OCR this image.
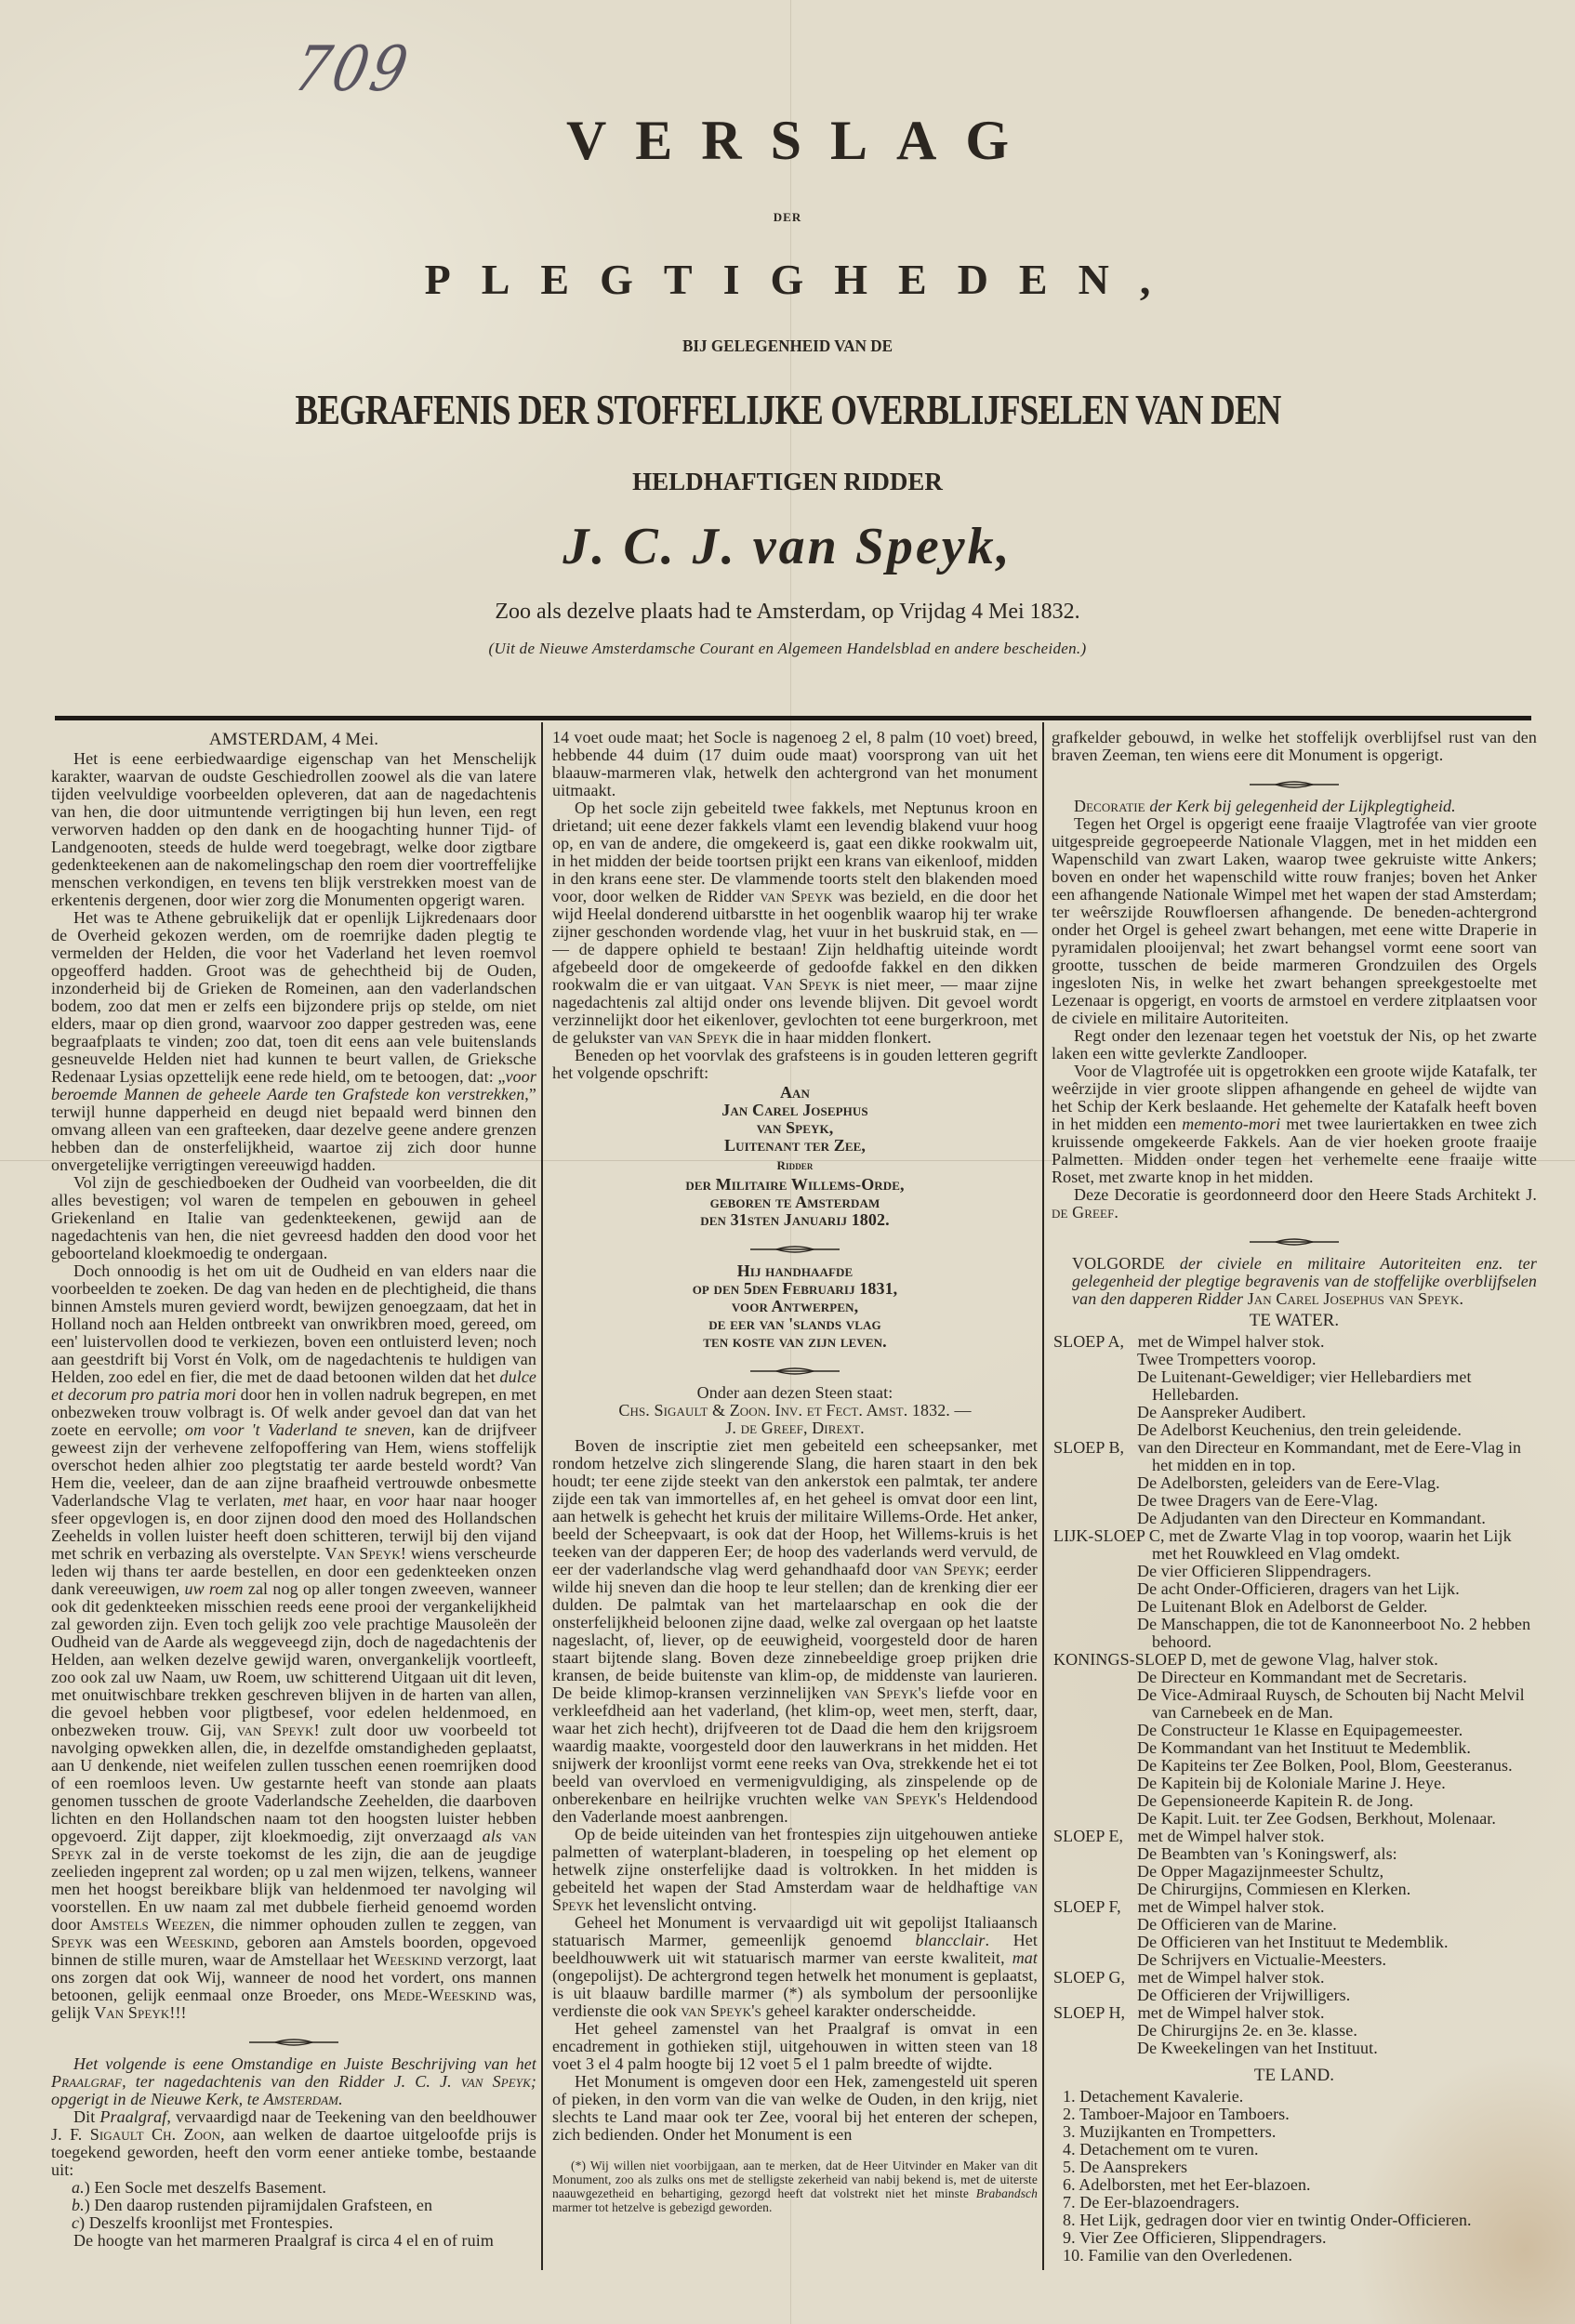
709
VERSLAG
DER
PLEGTIGHEDEN,
BIJ GELEGENHEID VAN DE
BEGRAFENIS DER STOFFELIJKE OVERBLIJFSELEN VAN DEN
HELDHAFTIGEN RIDDER
J. C. J. van Speyk,
Zoo als dezelve plaats had te Amsterdam, op Vrijdag 4 Mei 1832.
(Uit de Nieuwe Amsterdamsche Courant en Algemeen Handelsblad en andere bescheiden.)

AMSTERDAM, 4 Mei.

Het is eene eerbiedwaardige eigenschap van het Menschelijk karakter, waarvan de oudste Geschiedrollen zoowel als die van latere tijden veelvuldige voorbeelden opleveren, dat aan de nagedachtenis van hen, die door uitmuntende verrigtingen bij hun leven, een regt verworven hadden op den dank en de hoogachting hunner Tijd- of Landgenooten, steeds de hulde werd toegebragt, welke door zigtbare gedenkteekenen aan de nakomelingschap den roem dier voortreffelijke menschen verkondigen, en tevens ten blijk verstrekken moest van de erkentenis dergenen, door wier zorg die Monumenten opgerigt waren.

Het was te Athene gebruikelijk dat er openlijk Lijkredenaars door de Overheid gekozen werden, om de roemrijke daden plegtig te vermelden der Helden, die voor het Vaderland het leven roemvol opgeofferd hadden. Groot was de gehechtheid bij de Ouden, inzonderheid bij de Grieken de Romeinen, aan den vaderlandschen bodem, zoo dat men er zelfs een bijzondere prijs op stelde, om niet elders, maar op dien grond, waarvoor zoo dapper gestreden was, eene begraafplaats te vinden; zoo dat, toen dit eens aan vele buitenslands gesneuvelde Helden niet had kunnen te beurt vallen, de Grieksche Redenaar Lysias opzettelijk eene rede hield, om te betoogen, dat: „voor beroemde Mannen de geheele Aarde ten Grafstede kon verstrekken,” terwijl hunne dapperheid en deugd niet bepaald werd binnen den omvang alleen van een grafteeken, daar dezelve geene andere grenzen hebben dan de onsterfelijkheid, waartoe zij zich door hunne onvergetelijke verrigtingen vereeuwigd hadden.

Vol zijn de geschiedboeken der Oudheid van voorbeelden, die dit alles bevestigen; vol waren de tempelen en gebouwen in geheel Griekenland en Italie van gedenkteekenen, gewijd aan de nagedachtenis van hen, die niet gevreesd hadden den dood voor het geboorteland kloekmoedig te ondergaan.

Doch onnoodig is het om uit de Oudheid en van elders naar die voorbeelden te zoeken. De dag van heden en de plechtigheid, die thans binnen Amstels muren gevierd wordt, bewijzen genoegzaam, dat het in Holland noch aan Helden ontbreekt van onwrikbren moed, gereed, om een' luistervollen dood te verkiezen, boven een ontluisterd leven; noch aan geestdrift bij Vorst én Volk, om de nagedachtenis te huldigen van Helden, zoo edel en fier, die met de daad betoonen wilden dat het dulce et decorum pro patria mori door hen in vollen nadruk begrepen, en met onbezweken trouw volbragt is. Of welk ander gevoel dan dat van het zoete en eervolle; om voor 't Vaderland te sneven, kan de drijfveer geweest zijn der verhevene zelfopoffering van Hem, wiens stoffelijk overschot heden alhier zoo plegtstatig ter aarde besteld wordt? Van Hem die, veeleer, dan de aan zijne braafheid vertrouwde onbesmette Vaderlandsche Vlag te verlaten, met haar, en voor haar naar hooger sfeer opgevlogen is, en door zijnen dood den moed des Hollandschen Zeehelds in vollen luister heeft doen schitteren, terwijl bij den vijand met schrik en verbazing als overstelpte. Van Speyk! wiens verscheurde leden wij thans ter aarde bestellen, en door een gedenkteeken onzen dank vereeuwigen, uw roem zal nog op aller tongen zweeven, wanneer ook dit gedenkteeken misschien reeds eene prooi der vergankelijkheid zal geworden zijn. Even toch gelijk zoo vele prachtige Mausoleën der Oudheid van de Aarde als weggeveegd zijn, doch de nagedachtenis der Helden, aan welken dezelve gewijd waren, onvergankelijk voortleeft, zoo ook zal uw Naam, uw Roem, uw schitterend Uitgaan uit dit leven, met onuitwischbare trekken geschreven blijven in de harten van allen, die gevoel hebben voor pligtbesef, voor edelen heldenmoed, en onbezweken trouw. Gij, van Speyk! zult door uw voorbeeld tot navolging opwekken allen, die, in dezelfde omstandigheden geplaatst, aan U denkende, niet weifelen zullen tusschen eenen roemrijken dood of een roemloos leven. Uw gestarnte heeft van stonde aan plaats genomen tusschen de groote Vaderlandsche Zeehelden, die daarboven lichten en den Hollandschen naam tot den hoogsten luister hebben opgevoerd. Zijt dapper, zijt kloekmoedig, zijt onverzaagd als van Speyk zal in de verste toekomst de les zijn, die aan de jeugdige zeelieden ingeprent zal worden; op u zal men wijzen, telkens, wanneer men het hoogst bereikbare blijk van heldenmoed ter navolging wil voorstellen. En uw naam zal met dubbele fierheid genoemd worden door Amstels Weezen, die nimmer ophouden zullen te zeggen, van Speyk was een Weeskind, geboren aan Amstels boorden, opgevoed binnen de stille muren, waar de Amstellaar het Weeskind verzorgt, laat ons zorgen dat ook Wij, wanneer de nood het vordert, ons mannen betoonen, gelijk eenmaal onze Broeder, ons Mede-Weeskind was, gelijk Van Speyk!!!

Het volgende is eene Omstandige en Juiste Beschrijving van het Praalgraf, ter nagedachtenis van den Ridder J. C. J. van Speyk; opgerigt in de Nieuwe Kerk, te Amsterdam.

Dit Praalgraf, vervaardigd naar de Teekening van den beeldhouwer J. F. Sigault Ch. Zoon, aan welken de daartoe uitgeloofde prijs is toegekend geworden, heeft den vorm eener antieke tombe, bestaande uit:

a.) Een Socle met deszelfs Basement.

b.) Den daarop rustenden pijramijdalen Grafsteen, en

c) Deszelfs kroonlijst met Frontespies.

De hoogte van het marmeren Praalgraf is circa 4 el en of ruim

14 voet oude maat; het Socle is nagenoeg 2 el, 8 palm (10 voet) breed, hebbende 44 duim (17 duim oude maat) voorsprong van uit het blaauw-marmeren vlak, hetwelk den achtergrond van het monument uitmaakt.

Op het socle zijn gebeiteld twee fakkels, met Neptunus kroon en drietand; uit eene dezer fakkels vlamt een levendig blakend vuur hoog op, en van de andere, die omgekeerd is, gaat een dikke rookwalm uit, in het midden der beide toortsen prijkt een krans van eikenloof, midden in den krans eene ster. De vlammende toorts stelt den blakenden moed voor, door welken de Ridder van Speyk was bezield, en die door het wijd Heelal donderend uitbarstte in het oogenblik waarop hij ter wrake zijner geschonden wordende vlag, het vuur in het buskruid stak, en — — de dappere ophield te bestaan! Zijn heldhaftig uiteinde wordt afgebeeld door de omgekeerde of gedoofde fakkel en den dikken rookwalm die er van uitgaat. Van Speyk is niet meer, — maar zijne nagedachtenis zal altijd onder ons levende blijven. Dit gevoel wordt verzinnelijkt door het eikenlover, gevlochten tot eene burgerkroon, met de gelukster van van Speyk die in haar midden flonkert.

Beneden op het voorvlak des grafsteens is in gouden letteren gegrift het volgende opschrift:

Aan
Jan Carel Josephus
van Speyk,
Luitenant ter Zee,
Ridder
der Militaire Willems-Orde,
geboren te Amsterdam
den 31sten Januarij 1802.
Hij handhaafde
op den 5den Februarij 1831,
voor Antwerpen,
de eer van 'slands vlag
ten koste van zijn leven.

Onder aan dezen Steen staat:

Chs. Sigault & Zoon. Inv. et Fect. Amst. 1832. —

J. de Greef, Dirext.

Boven de inscriptie ziet men gebeiteld een scheepsanker, met rondom hetzelve zich slingerende Slang, die haren staart in den bek houdt; ter eene zijde steekt van den ankerstok een palmtak, ter andere zijde een tak van immortelles af, en het geheel is omvat door een lint, aan hetwelk is gehecht het kruis der militaire Willems-Orde. Het anker, beeld der Scheepvaart, is ook dat der Hoop, het Willems-kruis is het teeken van der dapperen Eer; de hoop des vaderlands werd vervuld, de eer der vaderlandsche vlag werd gehandhaafd door van Speyk; eerder wilde hij sneven dan die hoop te leur stellen; dan de krenking dier eer dulden. De palmtak van het martelaarschap en ook die der onsterfelijkheid beloonen zijne daad, welke zal overgaan op het laatste nageslacht, of, liever, op de eeuwigheid, voorgesteld door de haren staart bijtende slang. Boven deze zinnebeeldige groep prijken drie kransen, de beide buitenste van klim-op, de middenste van laurieren. De beide klimop-kransen verzinnelijken van Speyk's liefde voor en verkleefdheid aan het vaderland, (het klim-op, weet men, sterft, daar, waar het zich hecht), drijfveeren tot de Daad die hem den krijgsroem waardig maakte, voorgesteld door den lauwerkrans in het midden. Het snijwerk der kroonlijst vormt eene reeks van Ova, strekkende het ei tot beeld van overvloed en vermenigvuldiging, als zinspelende op de onberekenbare en heilrijke vruchten welke van Speyk's Heldendood den Vaderlande moest aanbrengen.

Op de beide uiteinden van het frontespies zijn uitgehouwen antieke palmetten of waterplant-bladeren, in toespeling op het element op hetwelk zijne onsterfelijke daad is voltrokken. In het midden is gebeiteld het wapen der Stad Amsterdam waar de heldhaftige van Speyk het levenslicht ontving.

Geheel het Monument is vervaardigd uit wit gepolijst Italiaansch statuarisch Marmer, gemeenlijk genoemd blancclair. Het beeldhouwwerk uit wit statuarisch marmer van eerste kwaliteit, mat (ongepolijst). De achtergrond tegen hetwelk het monument is geplaatst, is uit blaauw bardille marmer (*) als symbolum der persoonlijke verdienste die ook van Speyk's geheel karakter onderscheidde.

Het geheel zamenstel van het Praalgraf is omvat in een encadrement in gothieken stijl, uitgehouwen in witten steen van 18 voet 3 el 4 palm hoogte bij 12 voet 5 el 1 palm breedte of wijdte.

Het Monument is omgeven door een Hek, zamengesteld uit speren of pieken, in den vorm van die van welke de Ouden, in den krijg, niet slechts te Land maar ook ter Zee, vooral bij het enteren der schepen, zich bedienden. Onder het Monument is een

(*) Wij willen niet voorbijgaan, aan te merken, dat de Heer Uitvinder en Maker van dit Monument, zoo als zulks ons met de stelligste zekerheid van nabij bekend is, met de uiterste naauwgezetheid en behartiging, gezorgd heeft dat volstrekt niet het minste Brabandsch marmer tot hetzelve is gebezigd geworden.

grafkelder gebouwd, in welke het stoffelijk overblijfsel rust van den braven Zeeman, ten wiens eere dit Monument is opgerigt.

Decoratie der Kerk bij gelegenheid der Lijkplegtigheid.

Tegen het Orgel is opgerigt eene fraaije Vlagtrofée van vier groote uitgespreide gegroepeerde Nationale Vlaggen, met in het midden een Wapenschild van zwart Laken, waarop twee gekruiste witte Ankers; boven en onder het wapenschild witte rouw franjes; boven het Anker een afhangende Nationale Wimpel met het wapen der stad Amsterdam; ter weêrszijde Rouwfloersen afhangende. De beneden-achtergrond onder het Orgel is geheel zwart behangen, met eene witte Draperie in pyramidalen plooijenval; het zwart behangsel vormt eene soort van grootte, tusschen de beide marmeren Grondzuilen des Orgels ingesloten Nis, in welke het zwart behangen spreekgestoelte met Lezenaar is opgerigt, en voorts de armstoel en verdere zitplaatsen voor de civiele en militaire Autoriteiten.

Regt onder den lezenaar tegen het voetstuk der Nis, op het zwarte laken een witte gevlerkte Zandlooper.

Voor de Vlagtrofée uit is opgetrokken een groote wijde Katafalk, ter weêrzijde in vier groote slippen afhangende en geheel de wijdte van het Schip der Kerk beslaande. Het gehemelte der Katafalk heeft boven in het midden een memento-mori met twee lauriertakken en twee zich kruissende omgekeerde Fakkels. Aan de vier hoeken groote fraaije Palmetten. Midden onder tegen het verhemelte eene fraaije witte Roset, met zwarte knop in het midden.

Deze Decoratie is geordonneerd door den Heere Stads Architekt J. de Greef.

VOLGORDE der civiele en militaire Autoriteiten enz. ter gelegenheid der plegtige begravenis van de stoffelijke overblijfselen van den dapperen Ridder Jan Carel Josephus van Speyk.
TE WATER.
SLOEP A, met de Wimpel halver stok.
Twee Trompetters voorop.
De Luitenant-Geweldiger; vier Hellebardiers met Hellebarden.
De Aanspreker Audibert.
De Adelborst Keuchenius, den trein geleidende.
SLOEP B, van den Directeur en Kommandant, met de Eere-Vlag in het midden en in top.
De Adelborsten, geleiders van de Eere-Vlag.
De twee Dragers van de Eere-Vlag.
De Adjudanten van den Directeur en Kommandant.
LIJK-SLOEP C, met de Zwarte Vlag in top voorop, waarin het Lijk met het Rouwkleed en Vlag omdekt.
De vier Officieren Slippendragers.
De acht Onder-Officieren, dragers van het Lijk.
De Luitenant Blok en Adelborst de Gelder.
De Manschappen, die tot de Kanonneerboot No. 2 hebben behoord.
KONINGS-SLOEP D, met de gewone Vlag, halver stok.
De Directeur en Kommandant met de Secretaris.
De Vice-Admiraal Ruysch, de Schouten bij Nacht Melvil van Carnebeek en de Man.
De Constructeur 1e Klasse en Equipagemeester.
De Kommandant van het Instituut te Medemblik.
De Kapiteins ter Zee Bolken, Pool, Blom, Geesteranus.
De Kapitein bij de Koloniale Marine J. Heye.
De Gepensioneerde Kapitein R. de Jong.
De Kapit. Luit. ter Zee Godsen, Berkhout, Molenaar.
SLOEP E, met de Wimpel halver stok.
De Beambten van 's Koningswerf, als:
De Opper Magazijnmeester Schultz,
De Chirurgijns, Commiesen en Klerken.
SLOEP F, met de Wimpel halver stok.
De Officieren van de Marine.
De Officieren van het Instituut te Medemblik.
De Schrijvers en Victualie-Meesters.
SLOEP G, met de Wimpel halver stok.
De Officieren der Vrijwilligers.
SLOEP H, met de Wimpel halver stok.
De Chirurgijns 2e. en 3e. klasse.
De Kweekelingen van het Instituut.
TE LAND.
1. Detachement Kavalerie.
2. Tamboer-Majoor en Tamboers.
3. Muzijkanten en Trompetters.
4. Detachement om te vuren.
5. De Aansprekers
6. Adelborsten, met het Eer-blazoen.
7. De Eer-blazoendragers.
8. Het Lijk, gedragen door vier en twintig Onder-Officieren.
9. Vier Zee Officieren, Slippendragers.
10. Familie van den Overledenen.
